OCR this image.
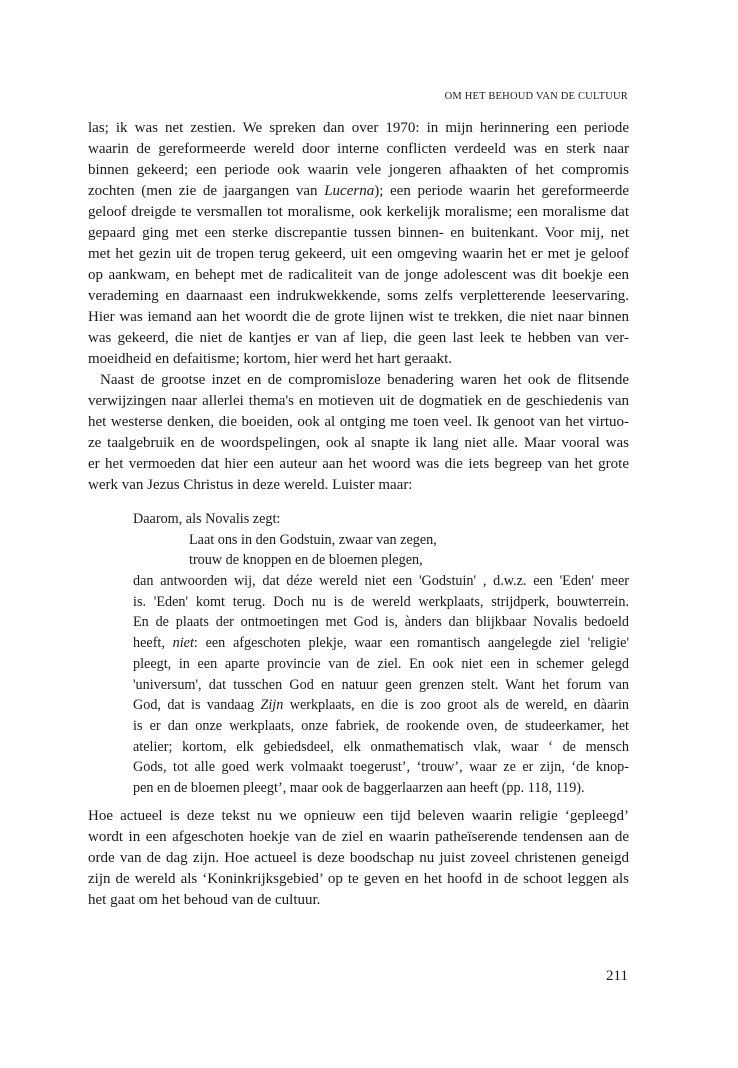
OM HET BEHOUD VAN DE CULTUUR
las; ik was net zestien. We spreken dan over 1970: in mijn herinnering een periode
waarin de gereformeerde wereld door interne conflicten verdeeld was en sterk naar
binnen gekeerd; een periode ook waarin vele jongeren afhaakten of het compromis
zochten (men zie de jaargangen van Lucerna); een periode waarin het gereformeerde
geloof dreigde te versmallen tot moralisme, ook kerkelijk moralisme; een moralisme dat
gepaard ging met een sterke discrepantie tussen binnen- en buitenkant. Voor mij, net
met het gezin uit de tropen terug gekeerd, uit een omgeving waarin het er met je geloof
op aankwam, en behept met de radicaliteit van de jonge adolescent was dit boekje een
verademing en daarnaast een indrukwekkende, soms zelfs verpletterende leeservaring.
Hier was iemand aan het woordt die de grote lijnen wist te trekken, die niet naar binnen
was gekeerd, die niet de kantjes er van af liep, die geen last leek te hebben van ver-
moeidheid en defaitisme; kortom, hier werd het hart geraakt.
Naast de grootse inzet en de compromisloze benadering waren het ook de flitsende
verwijzingen naar allerlei thema's en motieven uit de dogmatiek en de geschiedenis van
het westerse denken, die boeiden, ook al ontging me toen veel. Ik genoot van het virtuo-
ze taalgebruik en de woordspelingen, ook al snapte ik lang niet alle. Maar vooral was
er het vermoeden dat hier een auteur aan het woord was die iets begreep van het grote
werk van Jezus Christus in deze wereld. Luister maar:
Daarom, als Novalis zegt:
Laat ons in den Godstuin, zwaar van zegen,
trouw de knoppen en de bloemen plegen,
dan antwoorden wij, dat déze wereld niet een 'Godstuin' , d.w.z. een 'Eden' meer
is. 'Eden' komt terug. Doch nu is de wereld werkplaats, strijdperk, bouwterrein.
En de plaats der ontmoetingen met God is, ànders dan blijkbaar Novalis bedoeld
heeft, niet: een afgeschoten plekje, waar een romantisch aangelegde ziel 'religie'
pleegt, in een aparte provincie van de ziel. En ook niet een in schemer gelegd
'universum', dat tusschen God en natuur geen grenzen stelt. Want het forum van
God, dat is vandaag Zijn werkplaats, en die is zoo groot als de wereld, en dàarin
is er dan onze werkplaats, onze fabriek, de rookende oven, de studeerkamer, het
atelier; kortom, elk gebiedsdeel, elk onmathematisch vlak, waar ‘ de mensch
Gods, tot alle goed werk volmaakt toegerust’, ‘trouw’, waar ze er zijn, ‘de knop-
pen en de bloemen pleegt’, maar ook de baggerlaarzen aan heeft (pp. 118, 119).
Hoe actueel is deze tekst nu we opnieuw een tijd beleven waarin religie ‘gepleegd’
wordt in een afgeschoten hoekje van de ziel en waarin patheïserende tendensen aan de
orde van de dag zijn. Hoe actueel is deze boodschap nu juist zoveel christenen geneigd
zijn de wereld als ‘Koninkrijksgebied’ op te geven en het hoofd in de schoot leggen als
het gaat om het behoud van de cultuur.
211
